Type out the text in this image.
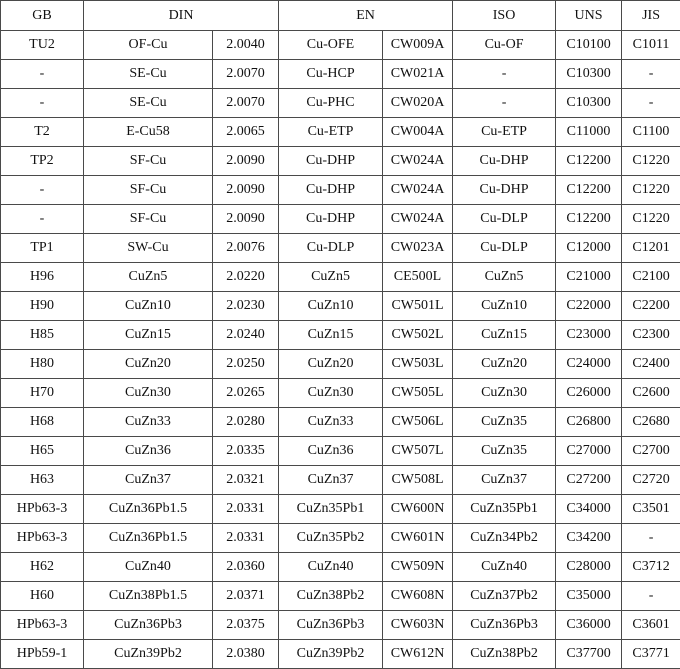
GB	DIN		EN		ISO	UNS	JIS
TU2	OF-Cu	2.0040	Cu-OFE	CW009A	Cu-OF	C10100	C1011
-	SE-Cu	2.0070	Cu-HCP	CW021A	-	C10300	-
-	SE-Cu	2.0070	Cu-PHC	CW020A	-	C10300	-
T2	E-Cu58	2.0065	Cu-ETP	CW004A	Cu-ETP	C11000	C1100
TP2	SF-Cu	2.0090	Cu-DHP	CW024A	Cu-DHP	C12200	C1220
-	SF-Cu	2.0090	Cu-DHP	CW024A	Cu-DHP	C12200	C1220
-	SF-Cu	2.0090	Cu-DHP	CW024A	Cu-DLP	C12200	C1220
TP1	SW-Cu	2.0076	Cu-DLP	CW023A	Cu-DLP	C12000	C1201
H96	CuZn5	2.0220	CuZn5	CE500L	CuZn5	C21000	C2100
H90	CuZn10	2.0230	CuZn10	CW501L	CuZn10	C22000	C2200
H85	CuZn15	2.0240	CuZn15	CW502L	CuZn15	C23000	C2300
H80	CuZn20	2.0250	CuZn20	CW503L	CuZn20	C24000	C2400
H70	CuZn30	2.0265	CuZn30	CW505L	CuZn30	C26000	C2600
H68	CuZn33	2.0280	CuZn33	CW506L	CuZn35	C26800	C2680
H65	CuZn36	2.0335	CuZn36	CW507L	CuZn35	C27000	C2700
H63	CuZn37	2.0321	CuZn37	CW508L	CuZn37	C27200	C2720
HPb63-3	CuZn36Pb1.5	2.0331	CuZn35Pb1	CW600N	CuZn35Pb1	C34000	C3501
HPb63-3	CuZn36Pb1.5	2.0331	CuZn35Pb2	CW601N	CuZn34Pb2	C34200	-
H62	CuZn40	2.0360	CuZn40	CW509N	CuZn40	C28000	C3712
H60	CuZn38Pb1.5	2.0371	CuZn38Pb2	CW608N	CuZn37Pb2	C35000	-
HPb63-3	CuZn36Pb3	2.0375	CuZn36Pb3	CW603N	CuZn36Pb3	C36000	C3601
HPb59-1	CuZn39Pb2	2.0380	CuZn39Pb2	CW612N	CuZn38Pb2	C37700	C3771
